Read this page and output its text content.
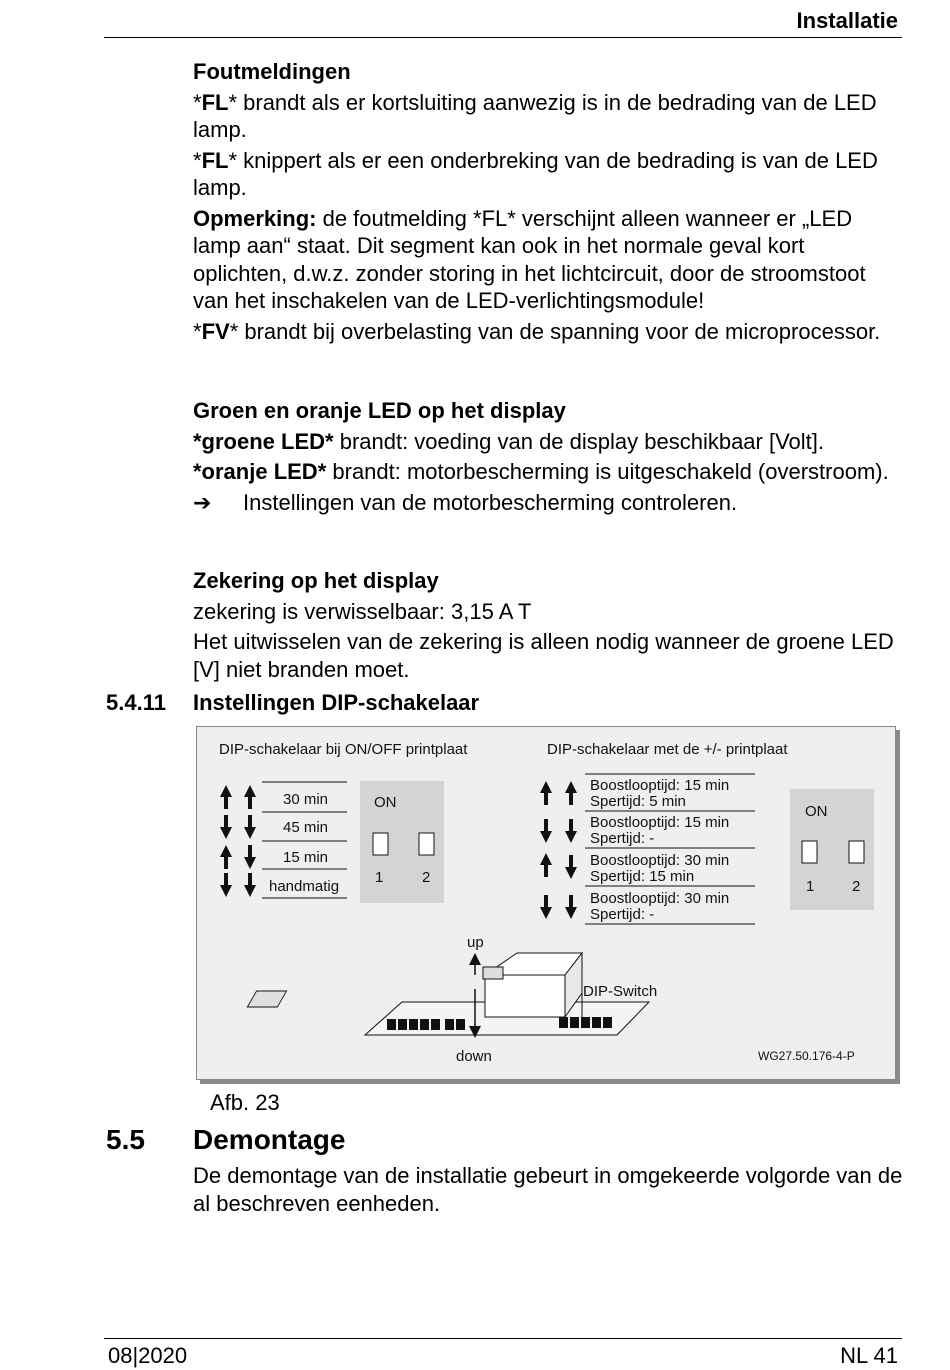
Installatie

Foutmeldingen

*FL* brandt als er kortsluiting aanwezig is in de bedrading van de LED lamp.

*FL* knippert als er een onderbreking van de bedrading is van de LED lamp.

Opmerking: de foutmelding *FL* verschijnt alleen wanneer er „LED lamp aan“ staat. Dit segment kan ook in het normale geval kort oplichten, d.w.z. zonder storing in het lichtcircuit, door de stroomstoot van het inschakelen van de LED-verlichtingsmodule!

*FV* brandt bij overbelasting van de spanning voor de microprocessor.

Groen en oranje LED op het display

*groene LED* brandt: voeding van de display beschikbaar [Volt].

*oranje LED* brandt: motorbescherming is uitgeschakeld (overstroom).

➔	Instellingen van de motorbescherming controleren.

Zekering op het display

zekering is verwisselbaar: 3,15 A T

Het uitwisselen van de zekering is alleen nodig wanneer de groene LED [V] niet branden moet.

5.4.11 Instellingen DIP-schakelaar
DIP-schakelaar bij ON/OFF printplaat	DIP-schakelaar met de +/- printplaat
30 min
45 min
15 min
handmatig
ON
1	2
Boostlooptijd: 15 min
Spertijd: 5 min
Boostlooptijd: 15 min
Spertijd: -
Boostlooptijd: 30 min
Spertijd: 15 min
Boostlooptijd: 30 min
Spertijd: -
ON
1	2
up
down
DIP-Switch
WG27.50.176-4-P
Afb. 23
5.5 Demontage
De demontage van de installatie gebeurt in omgekeerde volgorde van de al beschreven eenheden.
08|2020	NL 41
